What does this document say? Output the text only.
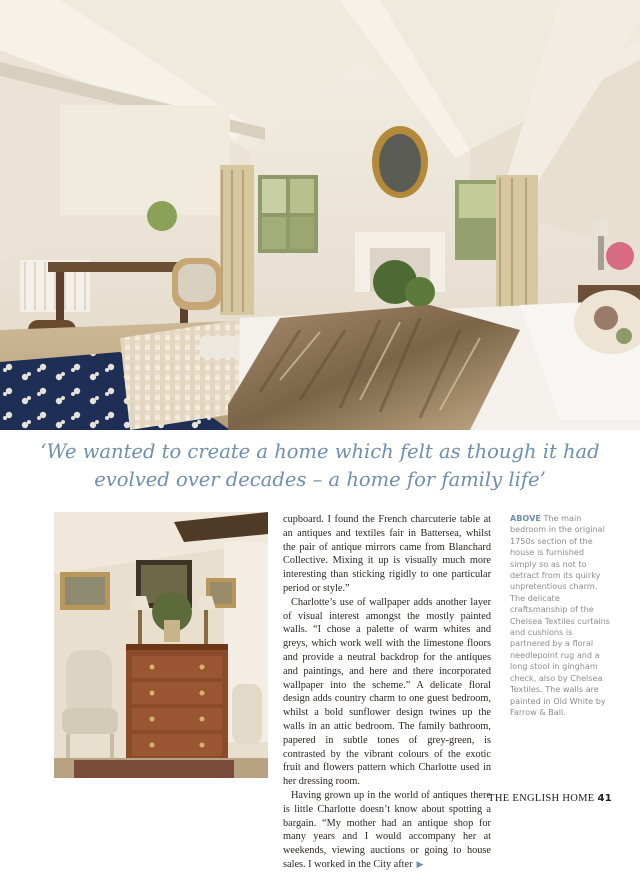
‘We wanted to create a home which felt as though it had

evolved over decades – a home for family life’

cupboard. I found the French charcuterie table at an antiques and textiles fair in Battersea, whilst the pair of antique mirrors came from Blanchard Collective. Mixing it up is visually much more interesting than sticking rigidly to one particular period or style.”

Charlotte’s use of wallpaper adds another layer of visual interest amongst the mostly painted walls. “I chose a palette of warm whites and greys, which work well with the limestone floors and provide a neutral backdrop for the antiques and paintings, and here and there incorporated wallpaper into the scheme.” A delicate floral design adds country charm to one guest bedroom, whilst a bold sunflower design twines up the walls in an attic bedroom. The family bathroom, papered in subtle tones of grey-green, is contrasted by the vibrant colours of the exotic fruit and flowers pattern which Charlotte used in her dressing room.

Having grown up in the world of antiques there is little Charlotte doesn’t know about spotting a bargain. “My mother had an antique shop for many years and I would accompany her at weekends, viewing auctions or going to house sales. I worked in the City after ▶

ABOVE The main bedroom in the original 1750s section of the house is furnished simply so as not to detract from its quirky unpretentious charm. The delicate craftsmanship of the Chelsea Textiles curtains and cushions is partnered by a floral needlepoint rug and a long stool in gingham check, also by Chelsea Textiles. The walls are painted in Old White by Farrow & Ball.
THE ENGLISH HOME 41
